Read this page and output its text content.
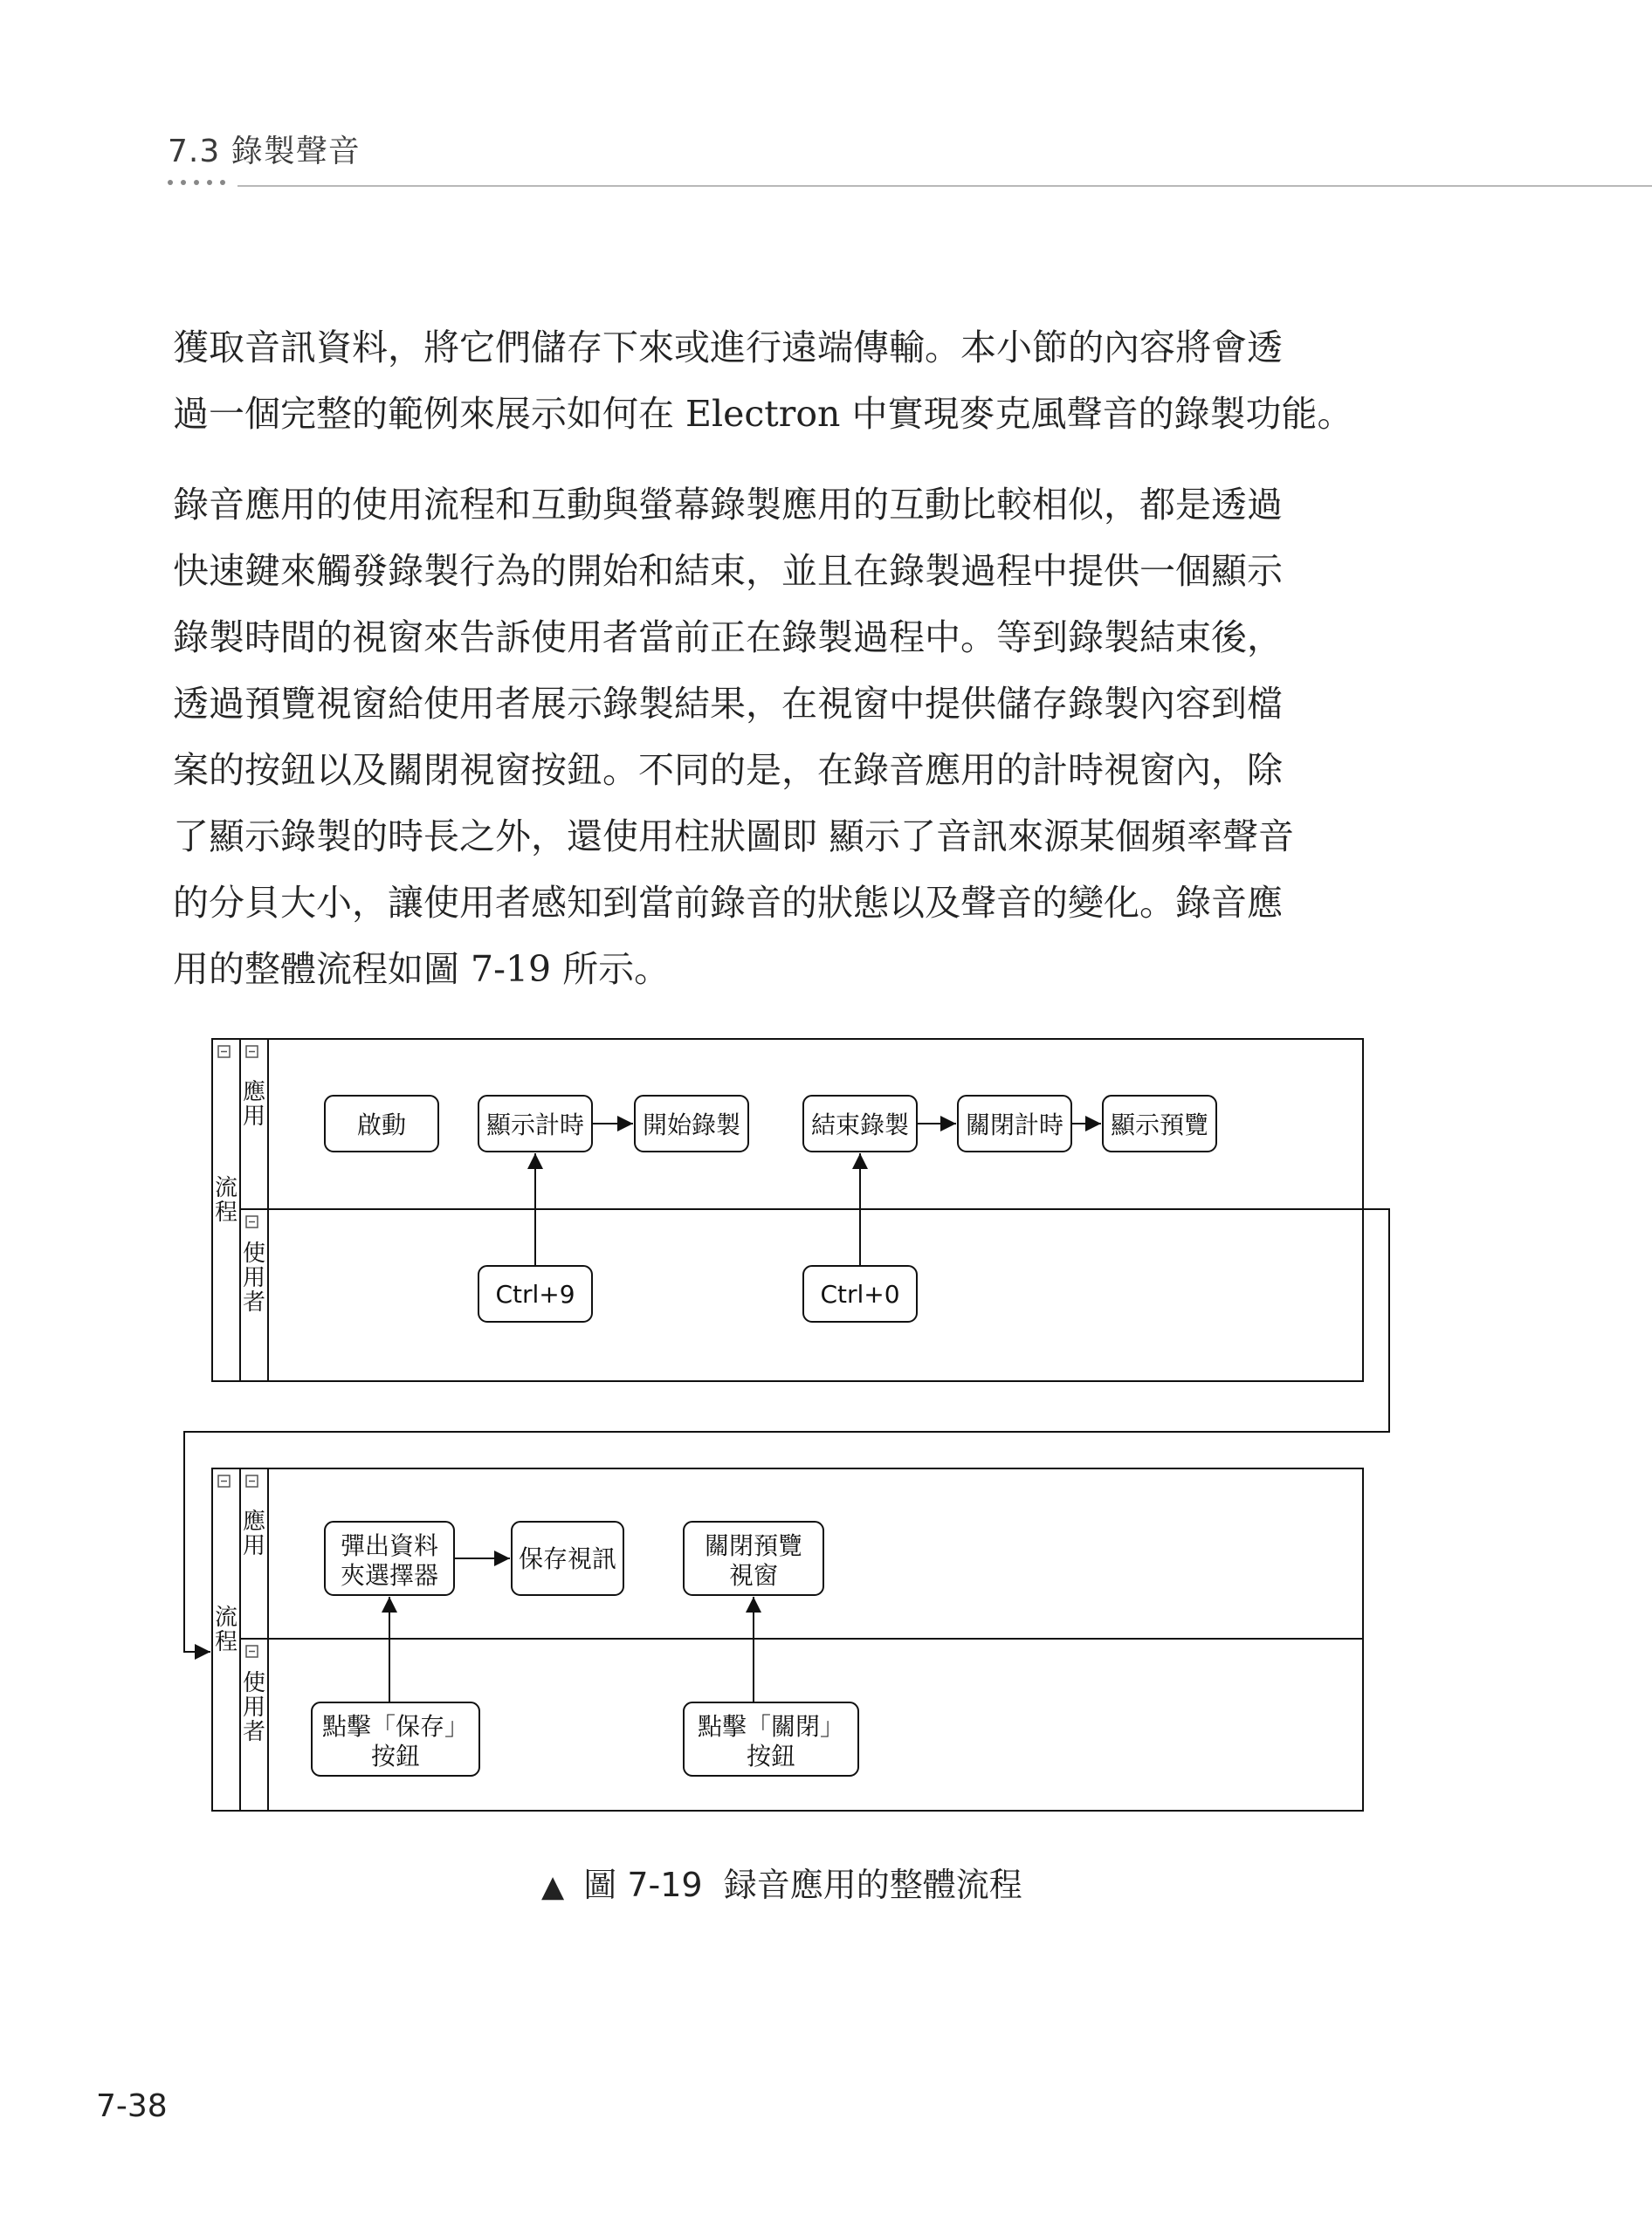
7.3 錄製聲音

獲取音訊資料，將它們儲存下來或進行遠端傳輸。本小節的內容將會透
過一個完整的範例來展示如何在 Electron 中實現麥克風聲音的錄製功能。

錄音應用的使用流程和互動與螢幕錄製應用的互動比較相似，都是透過
快速鍵來觸發錄製行為的開始和結束，並且在錄製過程中提供一個顯示
錄製時間的視窗來告訴使用者當前正在錄製過程中。等到錄製結束後，
透過預覽視窗給使用者展示錄製結果，在視窗中提供儲存錄製內容到檔
案的按鈕以及關閉視窗按鈕。不同的是，在錄音應用的計時視窗內，除
了顯示錄製的時長之外，還使用柱狀圖即 顯示了音訊來源某個頻率聲音
的分貝大小，讓使用者感知到當前錄音的狀態以及聲音的變化。錄音應
用的整體流程如圖 7-19 所示。

流程
應用
使用者
啟動	顯示計時 開始錄製	結束錄製 關閉計時 顯示預覽
Ctrl+9	Ctrl+0
流程
應用
使用者
彈出資料
夾選擇器
保存視訊	關閉預覽
視窗
點擊「保存」
按鈕
點擊「關閉」
按鈕
▲ 圖 7-19  録音應用的整體流程
7-38
